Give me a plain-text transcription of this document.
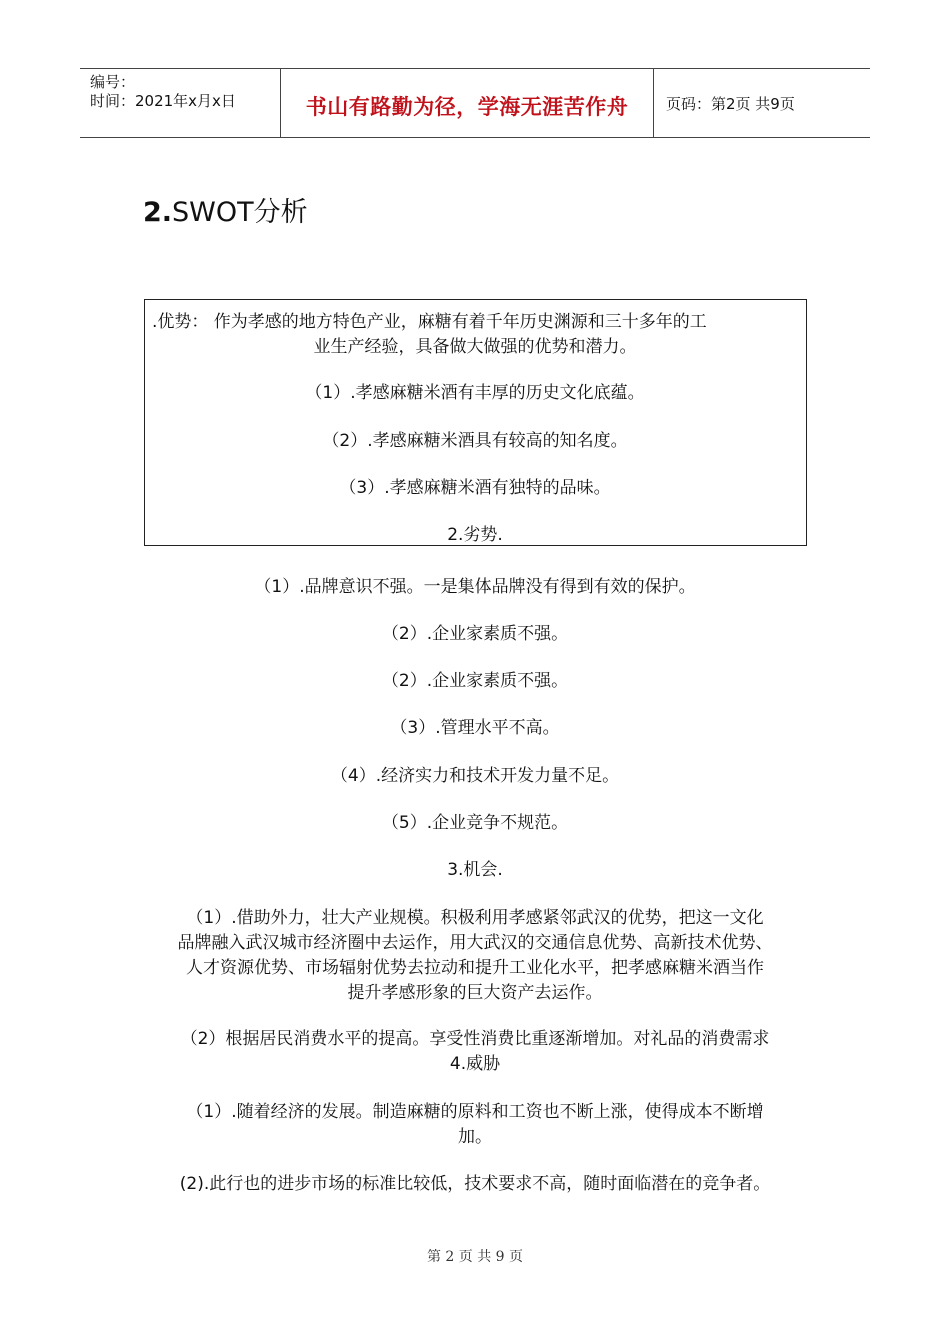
编号：
时间：2021年x月x日	书山有路勤为径，学海无涯苦作舟	页码：第2页 共9页
2.SWOT分析
.优势： 作为孝感的地方特色产业，麻糖有着千年历史渊源和三十多年的工
业生产经验，具备做大做强的优势和潜力。
（1）.孝感麻糖米酒有丰厚的历史文化底蕴。
（2）.孝感麻糖米酒具有较高的知名度。
（3）.孝感麻糖米酒有独特的品味。
2.劣势.
（1）.品牌意识不强。一是集体品牌没有得到有效的保护。
（2）.企业家素质不强。
（2）.企业家素质不强。
（3）.管理水平不高。
（4）.经济实力和技术开发力量不足。
（5）.企业竞争不规范。
3.机会.
（1）.借助外力，壮大产业规模。积极利用孝感紧邻武汉的优势，把这一文化
品牌融入武汉城市经济圈中去运作，用大武汉的交通信息优势、高新技术优势、
人才资源优势、市场辐射优势去拉动和提升工业化水平，把孝感麻糖米酒当作
提升孝感形象的巨大资产去运作。
（2）根据居民消费水平的提高。享受性消费比重逐渐增加。对礼品的消费需求
4.威胁
（1）.随着经济的发展。制造麻糖的原料和工资也不断上涨，使得成本不断增
加。
(2).此行也的进步市场的标准比较低，技术要求不高，随时面临潜在的竞争者。
第 2 页 共 9 页
